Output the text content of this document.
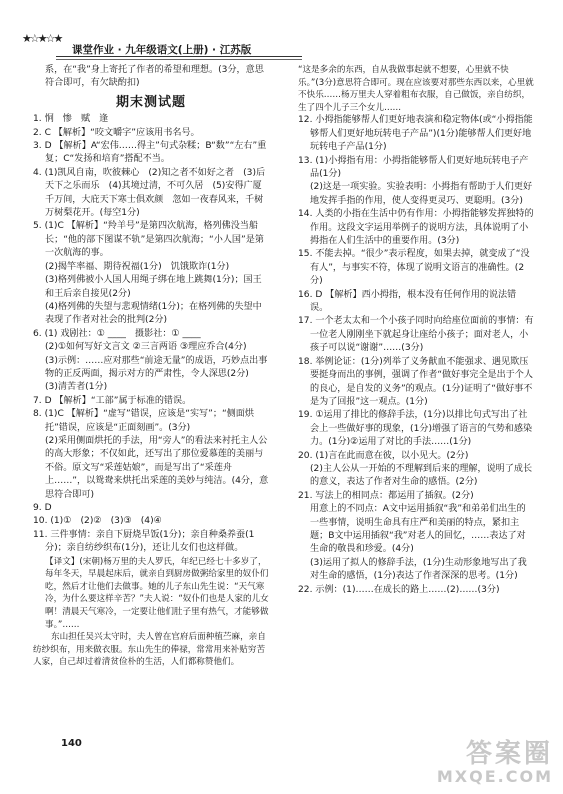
★☆★☆★
课堂作业 · 九年级语文(上册) · 江苏版

系，在“我”身上寄托了作者的希望和理想。(3分，意思符合即可，有欠缺酌扣)

期末测试题

1. 恫　惨　赋　逢

2. C 【解析】“咬文嚼字”应该用书名号。

3. D 【解析】A“宏伟……得主”句式杂糅；B“数”“左右”重复；C“发扬和培育”搭配不当。

4. (1)凯风自南，吹彼棘心　(2)知之者不如好之者　(3)后天下之乐而乐　(4)其境过清，不可久居　(5)安得广厦千万间，大庇天下寒士俱欢颜　忽如一夜春风来，千树万树梨花开。(每空1分)

5. (1)C 【解析】“羚羊号”是第四次航海，格列佛没当船长；“他的部下图谋不轨”是第四次航海；“小人国”是第一次航海的事。

(2)揭竿率福、期待祝福(1分)　饥饿欺诈(1分)

(3)格列佛被小人国人用绳子绑在地上跳舞(1分)；国王和王后亲自接见(2分)

(4)格列佛的失望与悲观情绪(1分)；在格列佛的失望中表现了作者对社会的批判(2分)

6. (1) 戏剧社：① ____　摄影社：① ____

(2)①如何写好文言文 ②三言两语 ③理应乔合(4分)

(3)示例：……应对那些“前途无量”的成语，巧妙点出事物的正反两面，揭示对方的严肃性，令人深思(2分)

(3)清苦者(1分)

7. D 【解析】“工部”属于标准的错误。

8. (1)C 【解析】“虚写”错误，应该是“实写”；“侧面烘托”错误，应该是“正面刻画”。(3分)

(2)采用侧面烘托的手法，用“旁人”的看法来衬托主人公的高大形象；不仅如此，还写出了那位爱慕莲的美丽与不俗。原文写“采莲姑娘”，而是写出了“采莲舟上……”，以鸳鸯来烘托出采莲的美妙与纯洁。(4分，意思符合即可)

9. D

10. (1)①　(2)②　(3)③　(4)④

11. 三件事情：亲自下厨烧早饭(1分)；亲自种桑养蚕(1分)；亲自纺纱织布(1分)，还让儿女们也这样做。

【译文】(宋朝)杨万里的夫人罗氏，年纪已经七十多岁了，每年冬天，早晨起床后，就亲自到厨房做粥给家里的奴仆们吃，然后才让他们去做事。她的儿子东山先生说：“天气寒冷，为什么要这样辛苦？”夫人说：“奴仆们也是人家的儿女啊！清晨天气寒冷，一定要让他们肚子里有热气，才能够做事。”……

东山担任吴兴太守时，夫人曾在官府后面种植苎麻，亲自纺纱织布，用来做衣服。东山先生的俸禄，常常用来补贴穷苦人家，自己却过着清贫俭朴的生活，人们都称赞他们。

“这是多余的东西，自从我做事起就不想要，心里就不快乐。”(3分)意思符合即可。现在应该要对那些东西以来，心里就不快乐……杨万里夫人穿着粗布衣服，自己做饭，亲自纺织，生了四个儿子三个女儿……

12. 小拇指能够帮人们更好地表演和稳定物体(或“小拇指能够帮人们更好地玩转电子产品”)(1分)能够帮人们更好地玩转电子产品(1分)

13. (1)小拇指有用：小拇指能够帮人们更好地玩转电子产品(1分)

(2)这是一项实验。实验表明：小拇指有帮助于人们更好地发挥手指的作用，使人变得更灵巧、更聪明。(3分)

14. 人类的小指在生活中仍有作用：小拇指能够发挥独特的作用。这段文字运用举例子的说明方法，具体说明了小拇指在人们生活中的重要作用。(3分)

15. 不能去掉。“很少”表示程度，如果去掉，就变成了“没有人”，与事实不符，体现了说明文语言的准确性。(2分)

16. D 【解析】西小拇指，根本没有任何作用的说法错误。

17. 一个老太太和一个小孩子同时向给座位面前的事情：有一位老人刚刚坐下就起身让座给小孩子；面对老人，小孩子可以说“谢谢”……(3分)

18. 举例论证：(1分)列举了义务献血不能强求、遇见欺压要挺身而出的事例，强调了作者“做好事完全是出于个人的良心，是自发的义务”的观点。(1分)证明了“做好事不是为了回报”这一观点。(1分)

19. ①运用了排比的修辞手法，(1分)以排比句式写出了社会上一些做好事的现象，(1分)增强了语言的气势和感染力。(1分)②运用了对比的手法……(1分)

20. (1)言在此而意在彼，以小见大。(2分)

(2)主人公从一开始的不理解到后来的理解，说明了成长的意义，表达了作者对生命的感悟。(2分)

21. 写法上的相同点：都运用了插叙。(2分)

用意上的不同点：A文中运用插叙“我”和弟弟们出生的一些事情，说明生命具有庄严和美丽的特点，紧扣主题；B文中运用插叙“我”对老人的回忆，……表达了对生命的敬畏和珍爱。(4分)

(3)运用了拟人的修辞手法，(1分)生动形象地写出了我对生命的感悟，(1分)表达了作者深深的思考。(1分)

22. 示例：(1)……在成长的路上……(2)……(3分)

140	答案圈
MXQE.COM
